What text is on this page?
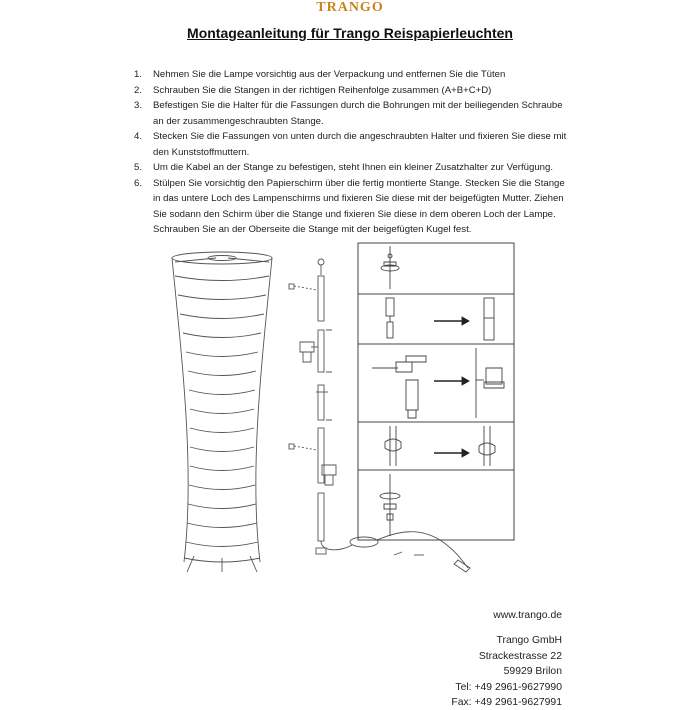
TRANGO
Montageanleitung für Trango Reispapierleuchten
1. Nehmen Sie die Lampe vorsichtig aus der Verpackung und entfernen Sie die Tüten
2. Schrauben Sie die Stangen in der richtigen Reihenfolge zusammen (A+B+C+D)
3. Befestigen Sie die Halter für die Fassungen durch die Bohrungen mit der beiliegenden Schraube an der zusammengeschraubten Stange.
4. Stecken Sie die Fassungen von unten durch die angeschraubten Halter und fixieren Sie diese mit den Kunststoffmuttern.
5. Um die Kabel an der Stange zu befestigen, steht Ihnen ein kleiner Zusatzhalter zur Verfügung.
6. Stülpen Sie vorsichtig den Papierschirm über die fertig montierte Stange. Stecken Sie die Stange in das untere Loch des Lampenschirms und fixieren Sie diese mit der beigefügten Mutter. Ziehen Sie sodann den Schirm über die Stange und fixieren Sie diese in dem oberen Loch der Lampe. Schrauben Sie an der Oberseite die Stange mit der beigefügten Kugel fest.
www.trango.de
Trango GmbH
Strackestrasse 22
59929 Brilon
Tel: +49 2961-9627990
Fax: +49 2961-9627991
